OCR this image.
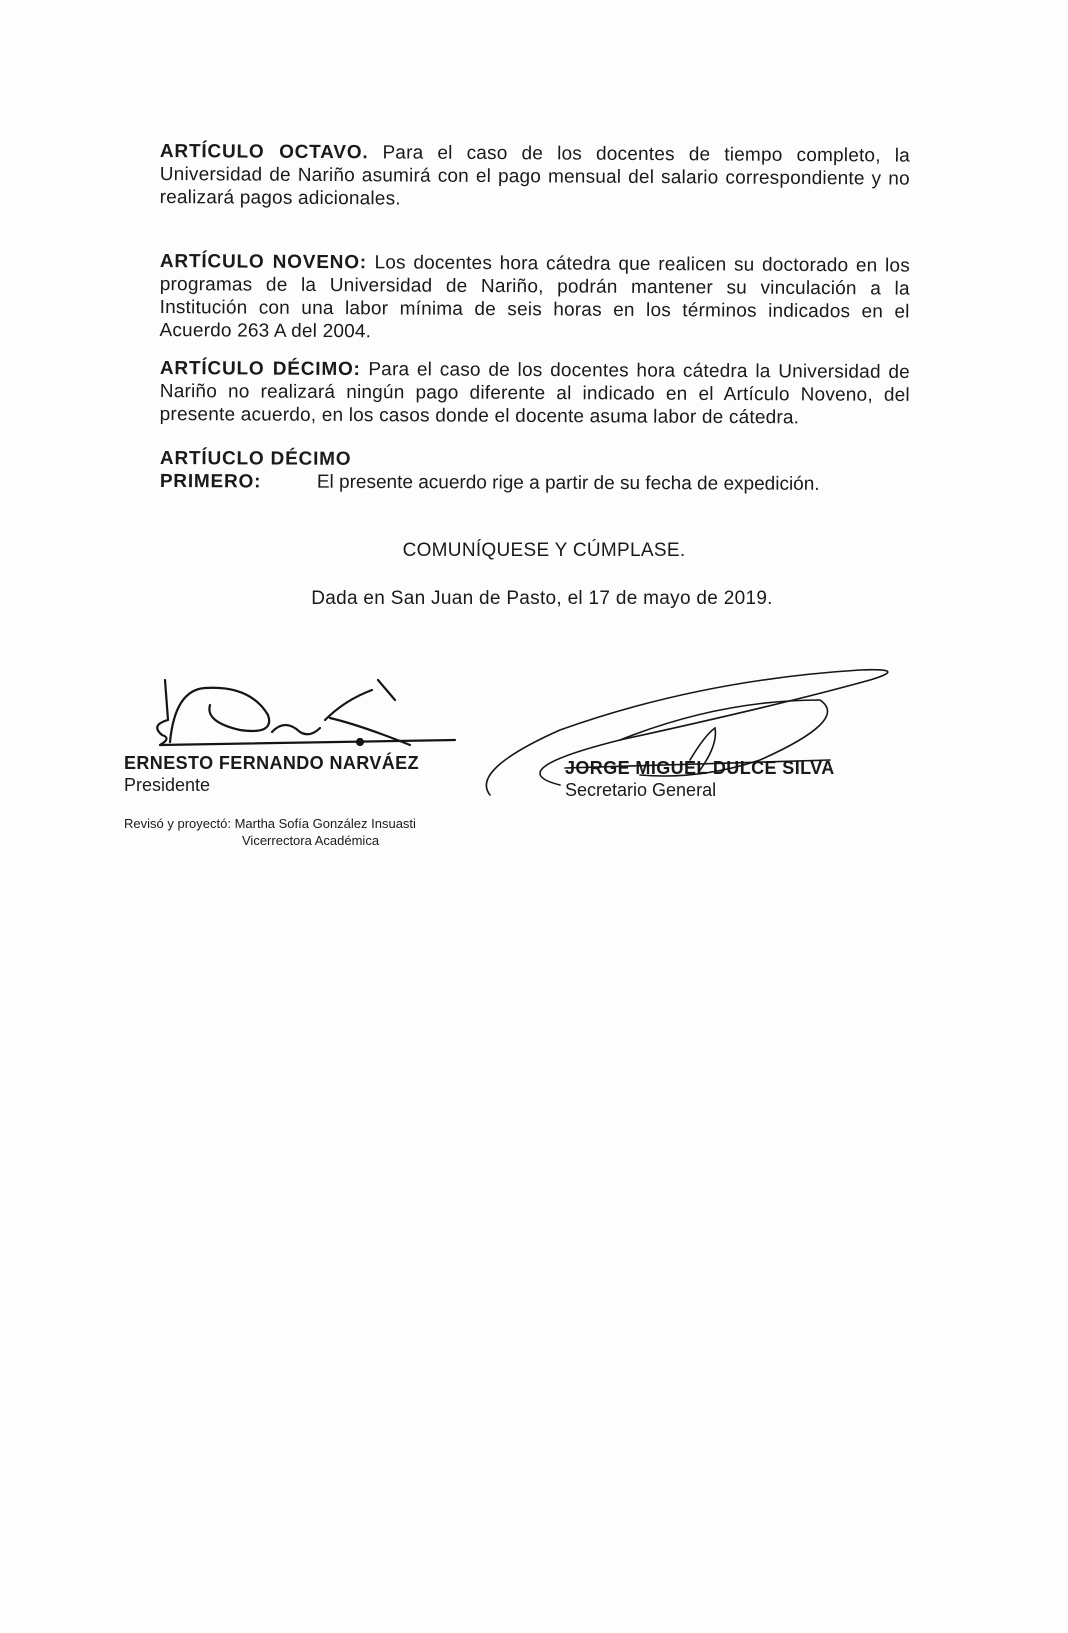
ARTÍCULO OCTAVO. Para el caso de los docentes de tiempo completo, la Universidad de Nariño asumirá con el pago mensual del salario correspondiente y no realizará pagos adicionales.
ARTÍCULO NOVENO: Los docentes hora cátedra que realicen su doctorado en los programas de la Universidad de Nariño, podrán mantener su vinculación a la Institución con una labor mínima de seis horas en los términos indicados en el Acuerdo 263 A del 2004.
ARTÍCULO DÉCIMO: Para el caso de los docentes hora cátedra la Universidad de Nariño no realizará ningún pago diferente al indicado en el Artículo Noveno, del presente acuerdo, en los casos donde el docente asuma labor de cátedra.
ARTÍUCLO DÉCIMO
PRIMERO:	El presente acuerdo rige a partir de su fecha de expedición.
COMUNÍQUESE Y CÚMPLASE.
Dada en San Juan de Pasto, el 17 de mayo de 2019.
ERNESTO FERNANDO NARVÁEZ
Presidente
JORGE MIGUEL DULCE SILVA
Secretario General
Revisó y proyectó: Martha Sofía González Insuasti
Vicerrectora Académica
